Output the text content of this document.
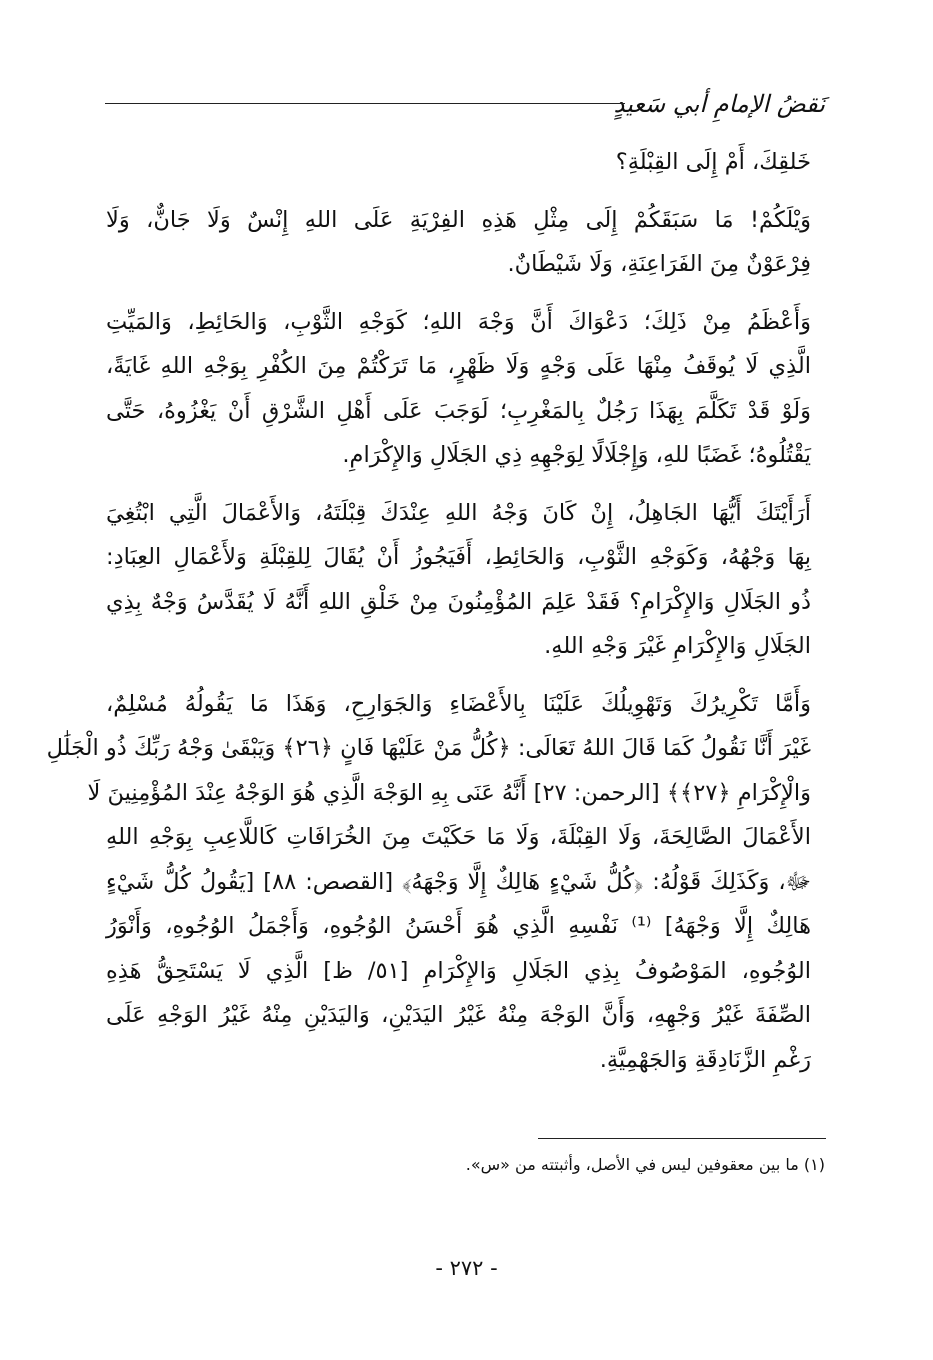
نَقضُ الإمامِ أبي سَعيدٍ

خَلقِكَ، أَمْ إِلَى القِبْلَةِ؟

وَيْلَكُمْ! مَا سَبَقَكُمْ إِلَى مِثْلِ هَذِهِ الفِرْيَةِ عَلَى اللهِ إِنْسٌ وَلَا جَانٌّ، وَلَا
فِرْعَوْنٌ مِنَ الفَرَاعِنَةِ، وَلَا شَيْطَانٌ.

وَأَعْظَمُ مِنْ ذَلِكَ؛ دَعْوَاكَ أَنَّ وَجْهَ اللهِ؛ كَوَجْهِ الثَّوْبِ، وَالحَائِطِ، وَالمَيِّتِ
الَّذِي لَا يُوقَفُ مِنْهَا عَلَى وَجْهٍ وَلَا ظَهْرٍ، مَا تَرَكْتُمْ مِنَ الكُفْرِ بِوَجْهِ اللهِ غَايَةً،
وَلَوْ قَدْ تَكَلَّمَ بِهَذَا رَجُلٌ بِالمَغْرِبِ؛ لَوَجَبَ عَلَى أَهْلِ الشَّرْقِ أَنْ يَغْزُوهُ، حَتَّى
يَقْتُلُوهُ؛ غَضَبًا للهِ، وَإِجْلَالًا لِوَجْهِهِ ذِي الجَلَالِ وَالإِكْرَامِ.

أَرَأَيْتَكَ أَيُّهَا الجَاهِلُ، إِنْ كَانَ وَجْهُ اللهِ عِنْدَكَ قِبْلَتَهُ، وَالأَعْمَالَ الَّتِي ابْتُغِيَ
بِهَا وَجْهُهُ، وَكَوَجْهِ الثَّوْبِ، وَالحَائِطِ، أَفَيَجُوزُ أَنْ يُقَالَ لِلقِبْلَةِ وَلأَعْمَالِ العِبَادِ:
ذُو الجَلَالِ وَالإِكْرَامِ؟ فَقَدْ عَلِمَ المُؤْمِنُونَ مِنْ خَلْقِ اللهِ أَنَّهُ لَا يُقَدَّسُ وَجْهٌ بِذِي
الجَلَالِ وَالإِكْرَامِ غَيْرَ وَجْهِ اللهِ.

وَأَمَّا تَكْرِيرُكَ وَتَهْوِيلُكَ عَلَيْنَا بِالأَعْضَاءِ وَالجَوَارِحِ، وَهَذَا مَا يَقُولُهُ مُسْلِمٌ،
غَيْرَ أَنَّا نَقُولُ كَمَا قَالَ اللهُ تَعَالَى: ﴿كُلُّ مَنْ عَلَيْهَا فَانٍ ﴿٢٦﴾ وَيَبْقَىٰ وَجْهُ رَبِّكَ ذُو الْجَلَٰلِ
وَالْإِكْرَامِ ﴿٢٧﴾﴾ [الرحمن: ٢٧] أَنَّهُ عَنَى بِهِ الوَجْهَ الَّذِي هُوَ الوَجْهُ عِنْدَ المُؤْمِنِينَ لَا
الأَعْمَالَ الصَّالِحَةَ، وَلَا القِبْلَةَ، وَلَا مَا حَكَيْتَ مِنَ الخُرَافَاتِ كَاللَّاعِبِ بِوَجْهِ اللهِ
ﷻ، وَكَذَلِكَ قَوْلُهُ: ﴿كُلُّ شَيْءٍ هَالِكٌ إِلَّا وَجْهَهُ﴾ [القصص: ٨٨] [يَقُولُ كُلُّ شَيْءٍ
هَالِكٌ إِلَّا وَجْهَهُ] ⁽¹⁾ نَفْسِهِ الَّذِي هُوَ أَحْسَنُ الوُجُوهِ، وَأَجْمَلُ الوُجُوهِ، وَأَنْوَرُ
الوُجُوهِ، المَوْصُوفُ بِذِي الجَلَالِ وَالإِكْرَامِ [٥١/ ظ] الَّذِي لَا يَسْتَحِقُّ هَذِهِ
الصِّفَةَ غَيْرُ وَجْهِهِ، وَأَنَّ الوَجْهَ مِنْهُ غَيْرُ اليَدَيْنِ، وَاليَدَيْنِ مِنْهُ غَيْرُ الوَجْهِ عَلَى
رَغْمِ الزَّنَادِقَةِ وَالجَهْمِيَّةِ.

(١) ما بين معقوفين ليس في الأصل، وأثبتته من «س».
- ٢٧٢ -
